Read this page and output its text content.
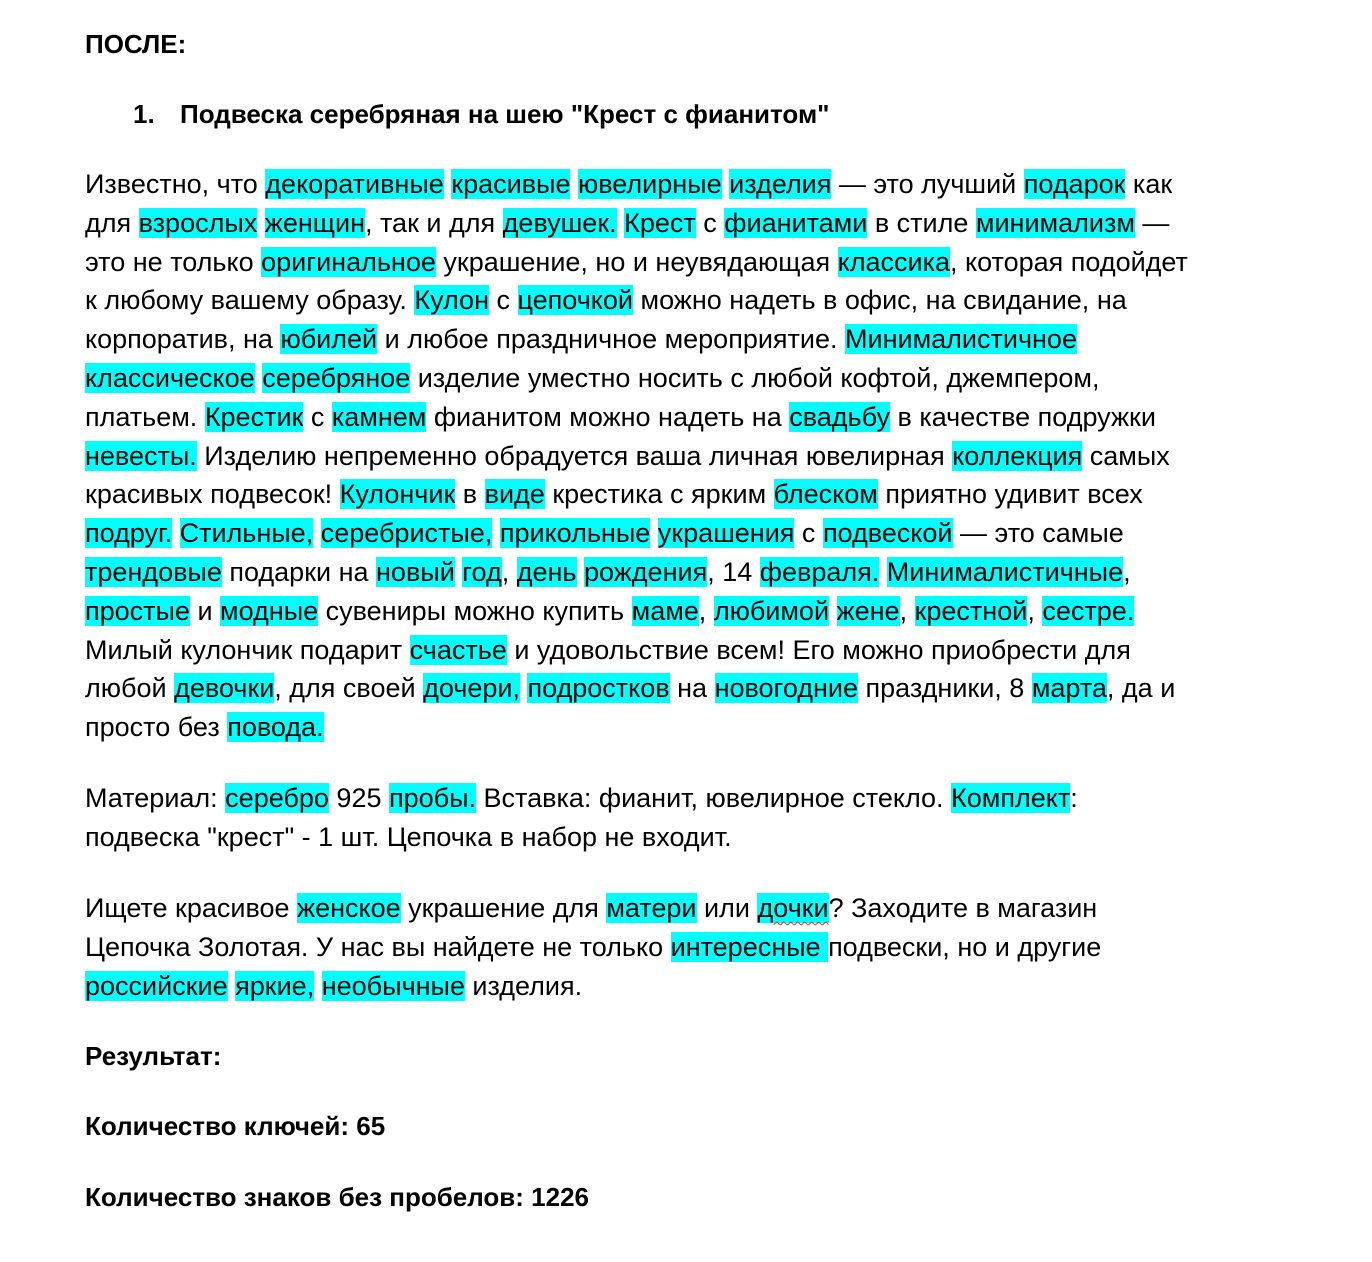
ПОСЛЕ:

1. Подвеска серебряная на шею "Крест с фианитом"

Известно, что декоративные красивые ювелирные изделия — это лучший подарок как
для взрослых женщин, так и для девушек. Крест с фианитами в стиле минимализм —
это не только оригинальное украшение, но и неувядающая классика, которая подойдет
к любому вашему образу. Кулон с цепочкой можно надеть в офис, на свидание, на
корпоратив, на юбилей и любое праздничное мероприятие. Минималистичное
классическое серебряное изделие уместно носить с любой кофтой, джемпером,
платьем. Крестик с камнем фианитом можно надеть на свадьбу в качестве подружки
невесты. Изделию непременно обрадуется ваша личная ювелирная коллекция самых
красивых подвесок! Кулончик в виде крестика с ярким блеском приятно удивит всех
подруг. Стильные, серебристые, прикольные украшения с подвеской — это самые
трендовые подарки на новый год, день рождения, 14 февраля. Минималистичные,
простые и модные сувениры можно купить маме, любимой жене, крестной, сестре.
Милый кулончик подарит счастье и удовольствие всем! Его можно приобрести для
любой девочки, для своей дочери, подростков на новогодние праздники, 8 марта, да и
просто без повода.

Материал: серебро 925 пробы. Вставка: фианит, ювелирное стекло. Комплект:
подвеска "крест" - 1 шт. Цепочка в набор не входит.

Ищете красивое женское украшение для матери или дочки? Заходите в магазин
Цепочка Золотая. У нас вы найдете не только интересные подвески, но и другие
российские яркие, необычные изделия.

Результат:

Количество ключей: 65

Количество знаков без пробелов: 1226
